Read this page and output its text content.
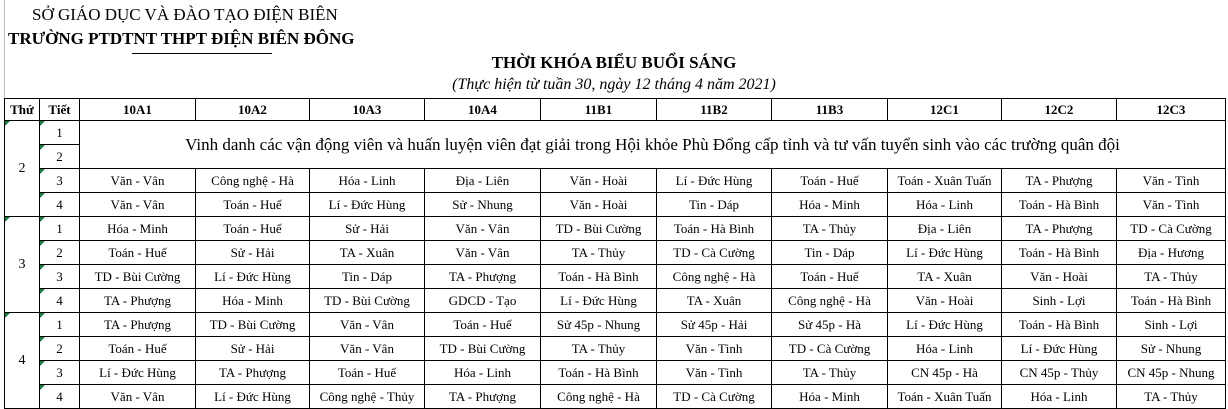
SỞ GIÁO DỤC VÀ ĐÀO TẠO ĐIỆN BIÊN
TRƯỜNG PTDTNT THPT ĐIỆN BIÊN ĐÔNG
THỜI KHÓA BIỂU BUỔI SÁNG
(Thực hiện từ tuần 30, ngày 12 tháng 4 năm 2021)
Thứ	Tiết	10A1	10A2	10A3	10A4	11B1	11B2	11B3	12C1	12C2	12C3
2	1	Vinh danh các vận động viên và huấn luyện viên đạt giải trong Hội khỏe Phù Đổng cấp tỉnh và tư vấn tuyển sinh vào các trường quân đội									
	2										
	3	Văn - Vân	Công nghệ - Hà	Hóa - Linh	Địa - Liên	Văn - Hoài	Lí - Đức Hùng	Toán - Huế	Toán - Xuân Tuấn	TA - Phượng	Văn - Tình
	4	Văn - Vân	Toán - Huế	Lí - Đức Hùng	Sử - Nhung	Văn - Hoài	Tin - Dáp	Hóa - Minh	Hóa - Linh	Toán - Hà Bình	Văn - Tình
3	1	Hóa - Minh	Toán - Huế	Sử - Hải	Văn - Vân	TD - Bùi Cường	Toán - Hà Bình	TA - Thủy	Địa - Liên	TA - Phượng	TD - Cà Cường
	2	Toán - Huế	Sử - Hải	TA - Xuân	Văn - Vân	TA - Thủy	TD - Cà Cường	Tin - Dáp	Lí - Đức Hùng	Toán - Hà Bình	Địa - Hương
	3	TD - Bùi Cường	Lí - Đức Hùng	Tin - Dáp	TA - Phượng	Toán - Hà Bình	Công nghệ - Hà	Toán - Huế	TA - Xuân	Văn - Hoài	TA - Thủy
	4	TA - Phượng	Hóa - Minh	TD - Bùi Cường	GDCD - Tạo	Lí - Đức Hùng	TA - Xuân	Công nghệ - Hà	Văn - Hoài	Sinh - Lợi	Toán - Hà Bình
4	1	TA - Phượng	TD - Bùi Cường	Văn - Vân	Toán - Huế	Sử 45p - Nhung	Sử 45p - Hải	Sử 45p - Hà	Lí - Đức Hùng	Toán - Hà Bình	Sinh - Lợi
	2	Toán - Huế	Sử - Hải	Văn - Vân	TD - Bùi Cường	TA - Thủy	Văn - Tình	TD - Cà Cường	Hóa - Linh	Lí - Đức Hùng	Sử - Nhung
	3	Lí - Đức Hùng	TA - Phượng	Toán - Huế	Hóa - Linh	Toán - Hà Bình	Văn - Tình	TA - Thủy	CN 45p - Hà	CN 45p - Thủy	CN 45p - Nhung
	4	Văn - Vân	Lí - Đức Hùng	Công nghệ - Thủy	TA - Phượng	Công nghệ - Hà	TD - Cà Cường	Hóa - Minh	Toán - Xuân Tuấn	Hóa - Linh	TA - Thủy
